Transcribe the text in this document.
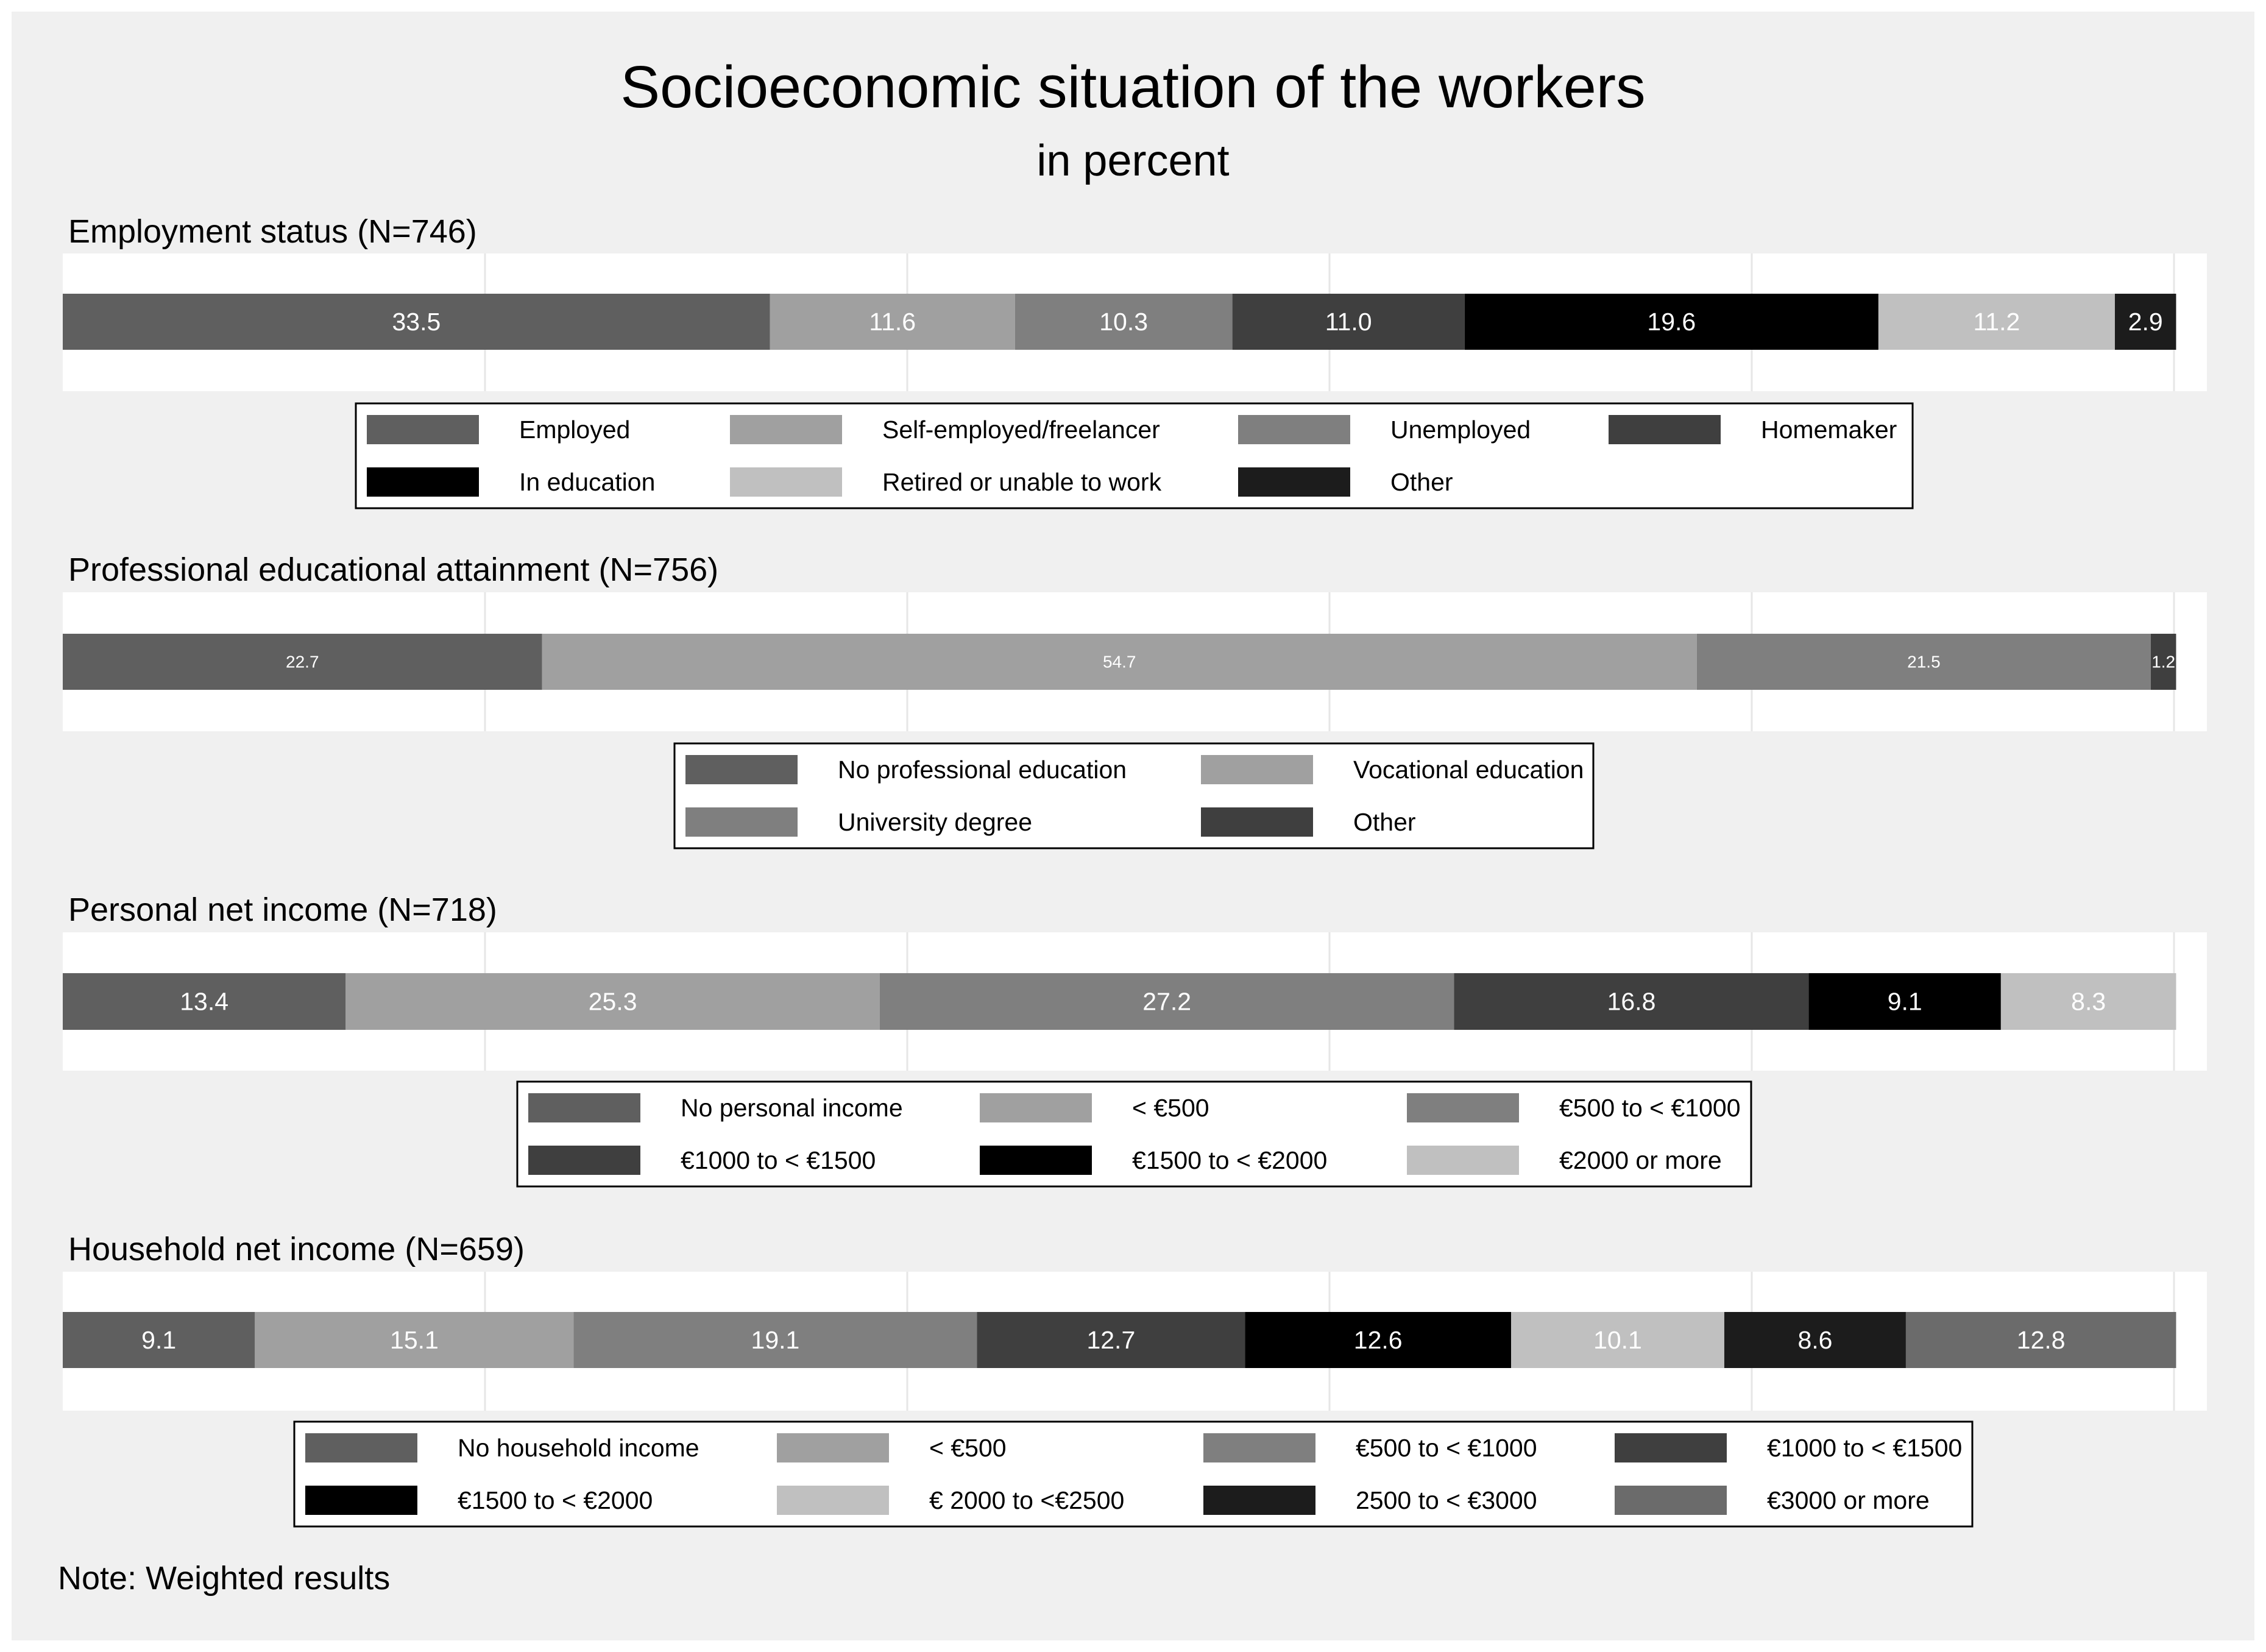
Socioeconomic situation of the workers
in percent
Employment status (N=746)
33.5	11.6	10.3	11.0	19.6	11.2	2.9
Employed	Self-employed/freelancer	Unemployed	Homemaker
In education	Retired or unable to work	Other
Professional educational attainment (N=756)
22.7	54.7	21.5	1.2
No professional education	Vocational education
University degree	Other
Personal net income (N=718)
13.4	25.3	27.2	16.8	9.1	8.3
No personal income	< €500	€500 to < €1000
€1000 to < €1500	€1500 to < €2000	€2000 or more
Household net income (N=659)
9.1	15.1	19.1	12.7	12.6	10.1	8.6	12.8
No household income	< €500	€500 to < €1000	€1000 to < €1500
€1500 to < €2000	€ 2000 to <€2500	2500 to < €3000	€3000 or more
Note: Weighted results
